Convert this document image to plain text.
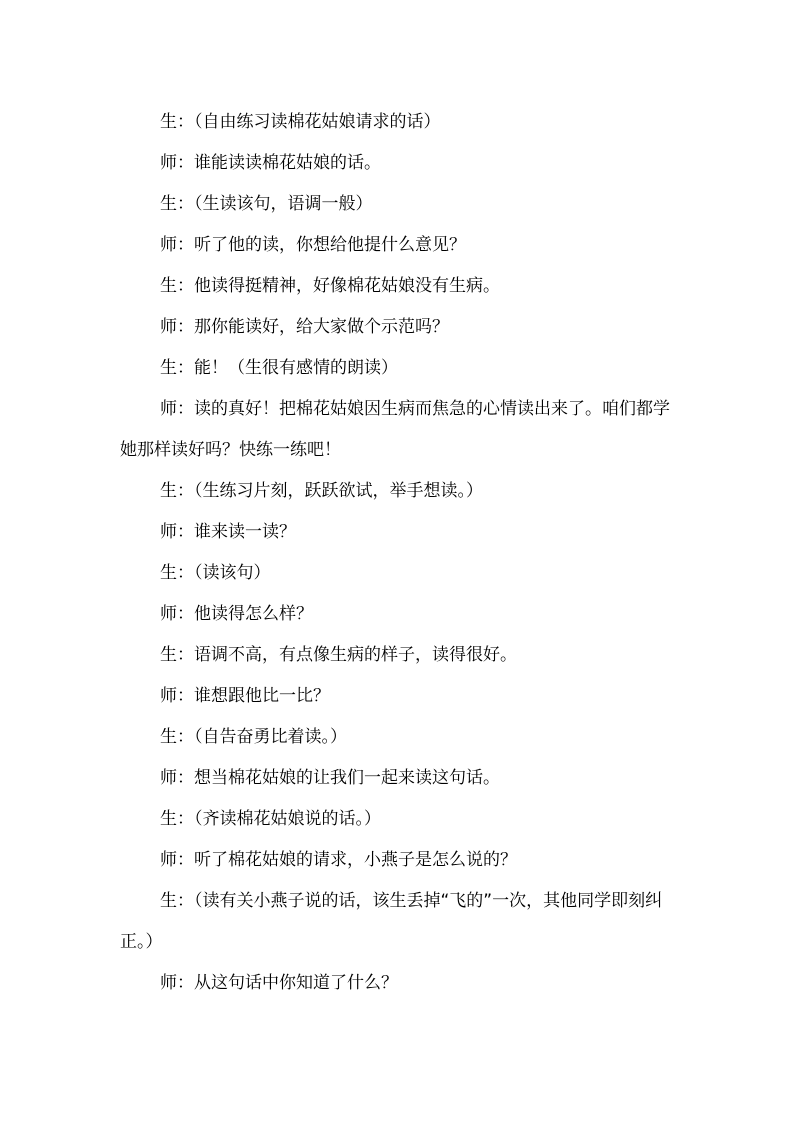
生：（自由练习读棉花姑娘请求的话）

师：谁能读读棉花姑娘的话。

生：（生读该句，语调一般）

师：听了他的读，你想给他提什么意见？

生：他读得挺精神，好像棉花姑娘没有生病。

师：那你能读好，给大家做个示范吗？

生：能！（生很有感情的朗读）

师：读的真好！把棉花姑娘因生病而焦急的心情读出来了。咱们都学她那样读好吗？快练一练吧！

生：（生练习片刻，跃跃欲试，举手想读。）

师：谁来读一读？

生：（读该句）

师：他读得怎么样？

生：语调不高，有点像生病的样子，读得很好。

师：谁想跟他比一比？

生：（自告奋勇比着读。）

师：想当棉花姑娘的让我们一起来读这句话。

生：（齐读棉花姑娘说的话。）

师：听了棉花姑娘的请求，小燕子是怎么说的？

生：（读有关小燕子说的话，该生丢掉“飞的”一次，其他同学即刻纠正。）

师：从这句话中你知道了什么？
